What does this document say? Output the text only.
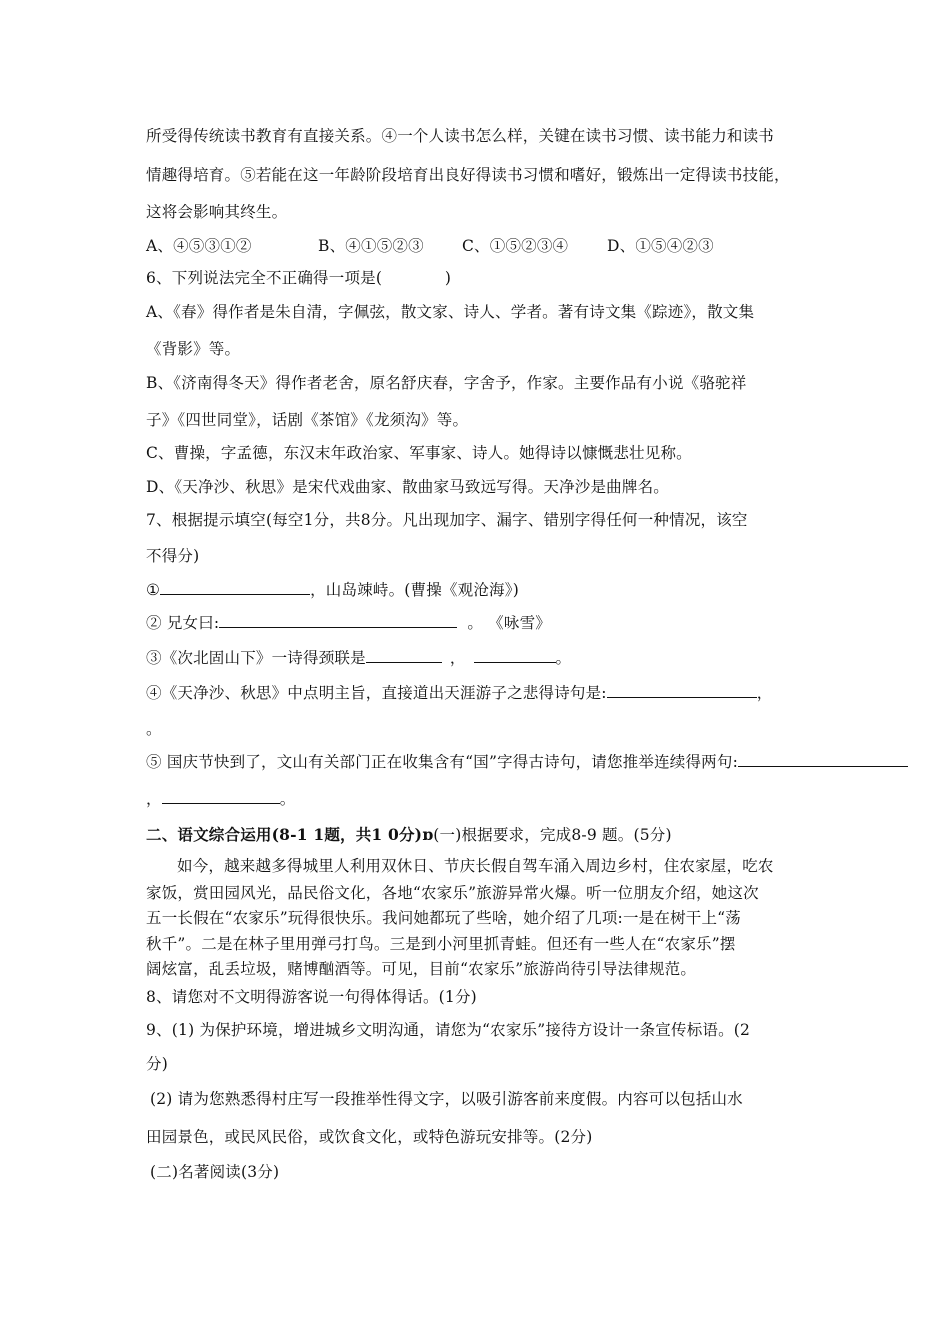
所受得传统读书教育有直接关系。④一个人读书怎么样，关键在读书习惯、读书能力和读书
情趣得培育。⑤若能在这一年龄阶段培育出良好得读书习惯和嗜好，锻炼出一定得读书技能，
这将会影响其终生。
A、④⑤③①②	B、④①⑤②③ C、①⑤②③④ D、①⑤④②③
6、下列说法完全不正确得一项是(　　　　)
A、《春》得作者是朱自清，字佩弦，散文家、诗人、学者。著有诗文集《踪迹》，散文集
《背影》等。
B、《济南得冬天》得作者老舍，原名舒庆春，字舍予，作家。主要作品有小说《骆驼祥
子》《四世同堂》，话剧《茶馆》《龙须沟》等。
C、曹操，字孟德，东汉末年政治家、军事家、诗人。她得诗以慷慨悲壮见称。
D、《天净沙、秋思》是宋代戏曲家、散曲家马致远写得。天净沙是曲牌名。
7、根据提示填空(每空1分，共8分。凡出现加字、漏字、错别字得任何一种情况，该空
不得分)
①	，山岛竦峙。(曹操《观沧海》)
② 兄女曰:	。 《咏雪》
③《次北固山下》一诗得颈联是	，	。
④《天净沙、秋思》中点明主旨，直接道出天涯游子之悲得诗句是:	，
。
⑤ 国庆节快到了，文山有关部门正在收集含有“国”字得古诗句，请您推举连续得两句:
，	。
二、语文综合运用(8-1 1题，共1 0分)ɒ(一)根据要求，完成8-9 题。(5分)
如今，越来越多得城里人利用双休日、节庆长假自驾车涌入周边乡村，住农家屋，吃农
家饭，赏田园风光，品民俗文化，各地“农家乐”旅游异常火爆。听一位朋友介绍，她这次
五一长假在“农家乐”玩得很快乐。我问她都玩了些啥，她介绍了几项:一是在树干上“荡
秋千”。二是在林子里用弹弓打鸟。三是到小河里抓青蛙。但还有一些人在“农家乐”摆
阔炫富，乱丢垃圾，赌博酗酒等。可见，目前“农家乐”旅游尚待引导法律规范。
8、请您对不文明得游客说一句得体得话。(1分)
9、(1) 为保护环境，增进城乡文明沟通，请您为“农家乐”接待方设计一条宣传标语。(2
分)
(2) 请为您熟悉得村庄写一段推举性得文字，以吸引游客前来度假。内容可以包括山水
田园景色，或民风民俗，或饮食文化，或特色游玩安排等。(2分)
(二)名著阅读(3分)
